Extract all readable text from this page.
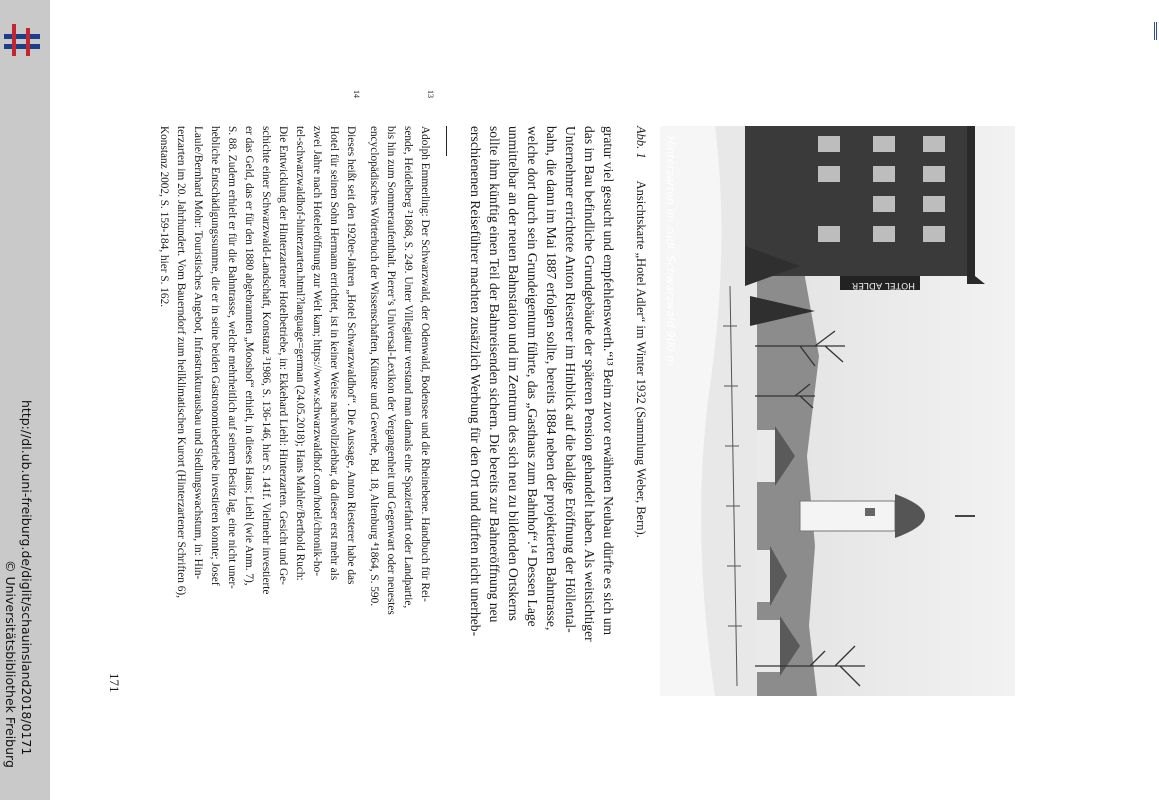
http://dl.ub.uni-freiburg.de/diglit/schauinsland2018/0171
© Universitätsbibliothek Freiburg
HOTEL ADLER
Hinterzarten im südl. Schwarzwald 900 m
Abb. 1
Ansichtskarte „Hotel Adler“ im Winter 1932 (Sammlung Weber, Bern).
gratur viel gesucht und empfehlenswerth.“¹³ Beim zuvor erwähnten Neubau dürfte es sich um
das im Bau befindliche Grundgebäude der späteren Pension gehandelt haben. Als weitsichtiger
Unternehmer errichtete Anton Riesterer im Hinblick auf die baldige Eröffnung der Höllental-
bahn, die dann im Mai 1887 erfolgen sollte, bereits 1884 neben der projektierten Bahntrasse,
welche dort durch sein Grundeigentum führte, das „Gasthaus zum Bahnhof“.¹⁴ Dessen Lage
unmittelbar an der neuen Bahnstation und im Zentrum des sich neu zu bildenden Ortskerns
sollte ihm künftig einen Teil der Bahnreisenden sichern. Die bereits zur Bahneröffnung neu
erschienenen Reiseführer machten zusätzlich Werbung für den Ort und dürften nicht unerheb-
13
Adolph Emmerling: Der Schwarzwald, der Odenwald, Bodensee und die Rheinebene. Handbuch für Rei-
sende, Heidelberg ²1868, S. 249. Unter Villegiatur verstand man damals eine Spazierfahrt oder Landpartie,
bis hin zum Sommeraufenthalt. Pierer’s Universal-Lexikon der Vergangenheit und Gegenwart oder neuestes
encyclopädisches Wörterbuch der Wissenschaften, Künste und Gewerbe, Bd. 18, Altenburg ⁴1864, S. 590.
14
Dieses heißt seit den 1920er-Jahren „Hotel Schwarzwaldhof“. Die Aussage, Anton Riesterer habe das
Hotel für seinen Sohn Hermann errichtet, ist in keiner Weise nachvollziehbar, da dieser erst mehr als
zwei Jahre nach Hoteleröffnung zur Welt kam; https://www.schwarzwaldhof.com/hotel/chronik-ho-
tel-schwarzwaldhof-hinterzarten.html?language=german (24.05.2018); Hans Mahler/Berthold Ruch:
Die Entwicklung der Hinterzartener Hotelbetriebe, in: Ekkehard Liehl: Hinterzarten. Gesicht und Ge-
schichte einer Schwarzwald-Landschaft, Konstanz ³1986, S. 136-146, hier S. 141f. Vielmehr investierte
er das Geld, das er für den 1880 abgebrannten „Mooshof“ erhielt, in dieses Haus; Liehl (wie Anm. 7),
S. 88. Zudem erhielt er für die Bahntrasse, welche mehrheitlich auf seinem Besitz lag, eine nicht uner-
hebliche Entschädigungssumme, die er in seine beiden Gastronomiebetriebe investieren konnte; Josef
Laule/Bernhard Mohr: Touristisches Angebot, Infrastrukturausbau und Siedlungswachstum, in: Hin-
terzarten im 20. Jahrhundert. Vom Bauerndorf zum heilklimatischen Kurort (Hinterzartener Schriften 6),
Konstanz 2002, S. 159-184, hier S. 162.
171
